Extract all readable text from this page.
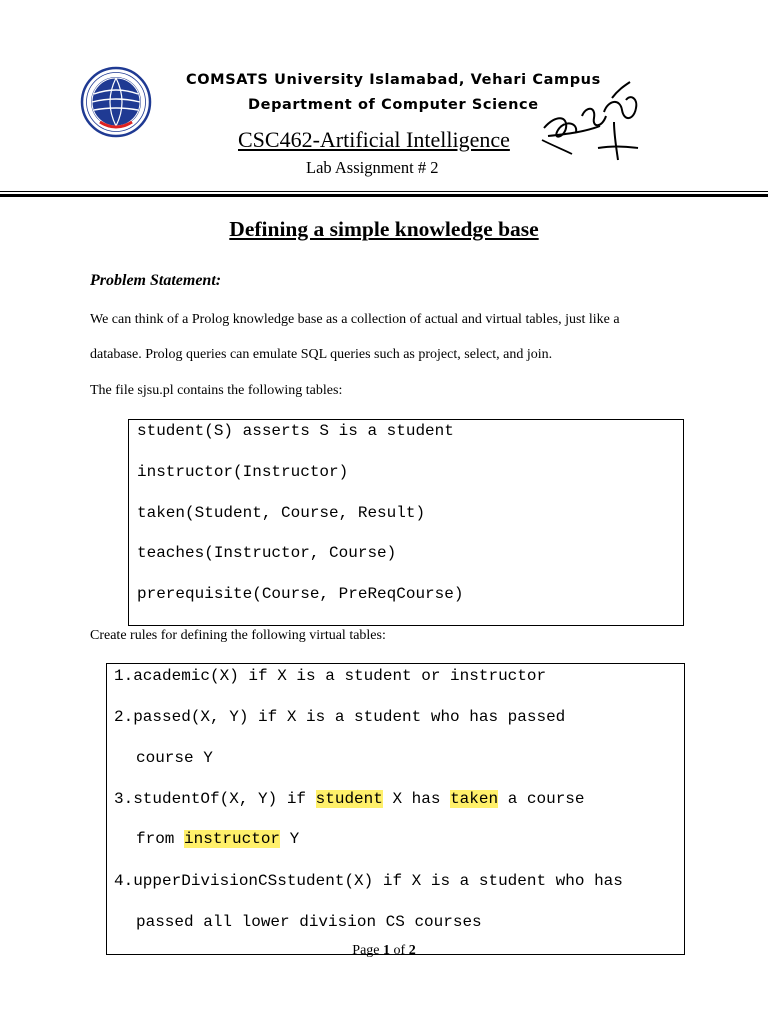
COMSATS University Islamabad, Vehari Campus
Department of Computer Science
CSC462-Artificial Intelligence
Lab Assignment # 2
Defining a simple knowledge base
Problem Statement:
We can think of a Prolog knowledge base as a collection of actual and virtual tables, just like a
database. Prolog queries can emulate SQL queries such as project, select, and join.
The file sjsu.pl contains the following tables:
student(S) asserts S is a student
instructor(Instructor)
taken(Student, Course, Result)
teaches(Instructor, Course)
prerequisite(Course, PreReqCourse)
Create rules for defining the following virtual tables:
1.academic(X) if X is a student or instructor
2.passed(X, Y) if X is a student who has passed
course Y
3.studentOf(X, Y) if student X has taken a course
from instructor Y
4.upperDivisionCSstudent(X) if X is a student who has
passed all lower division CS courses
Page 1 of 2
